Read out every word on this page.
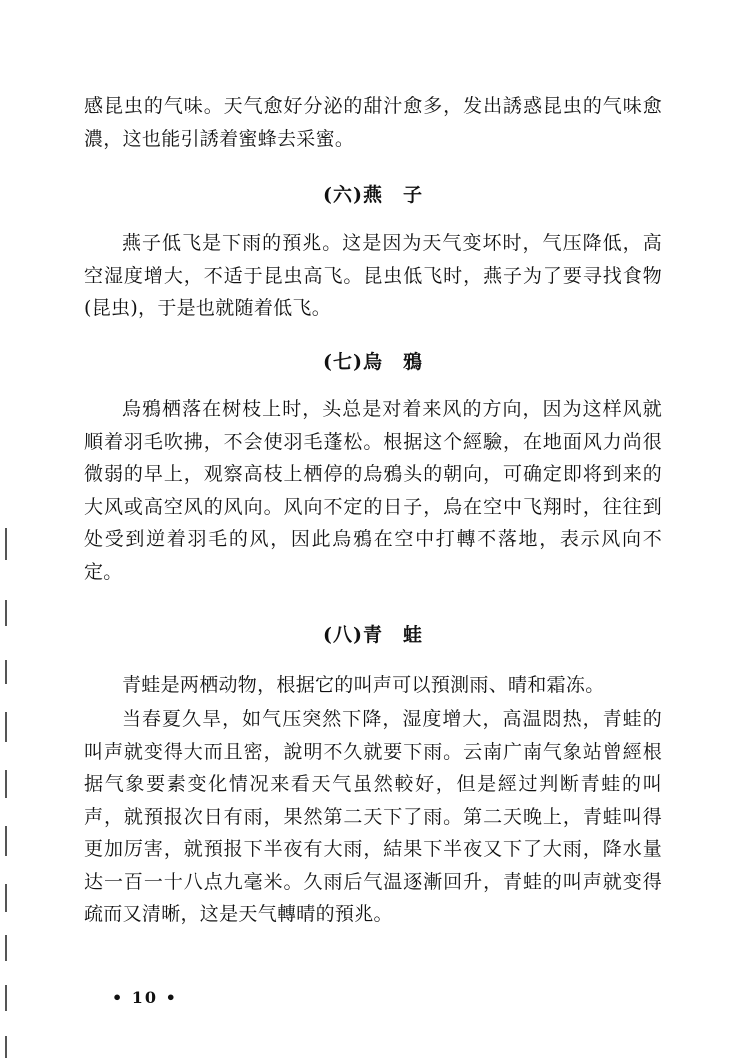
感昆虫的气味。天气愈好分泌的甜汁愈多，发出誘惑昆虫的气味愈濃，这也能引誘着蜜蜂去采蜜。

(六)燕　子

燕子低飞是下雨的預兆。这是因为天气变坏时，气压降低，高空湿度增大，不适于昆虫高飞。昆虫低飞时，燕子为了要寻找食物(昆虫)，于是也就随着低飞。

(七)烏　鴉

烏鴉栖落在树枝上时，头总是对着来风的方向，因为这样风就順着羽毛吹拂，不会使羽毛蓬松。根据这个經驗，在地面风力尚很微弱的早上，观察高枝上栖停的烏鴉头的朝向，可确定即将到来的大风或高空风的风向。风向不定的日子，烏在空中飞翔时，往往到处受到逆着羽毛的风，因此烏鴉在空中打轉不落地，表示风向不定。

(八)青　蛙

青蛙是两栖动物，根据它的叫声可以預測雨、晴和霜冻。

当春夏久旱，如气压突然下降，湿度增大，高温悶热，青蛙的叫声就变得大而且密，說明不久就要下雨。云南广南气象站曾經根据气象要素变化情况来看天气虽然較好，但是經过判断青蛙的叫声，就預报次日有雨，果然第二天下了雨。第二天晚上，青蛙叫得更加厉害，就預报下半夜有大雨，結果下半夜又下了大雨，降水量达一百一十八点九毫米。久雨后气温逐漸回升，青蛙的叫声就变得疏而又清晰，这是天气轉晴的預兆。

• 10 •
